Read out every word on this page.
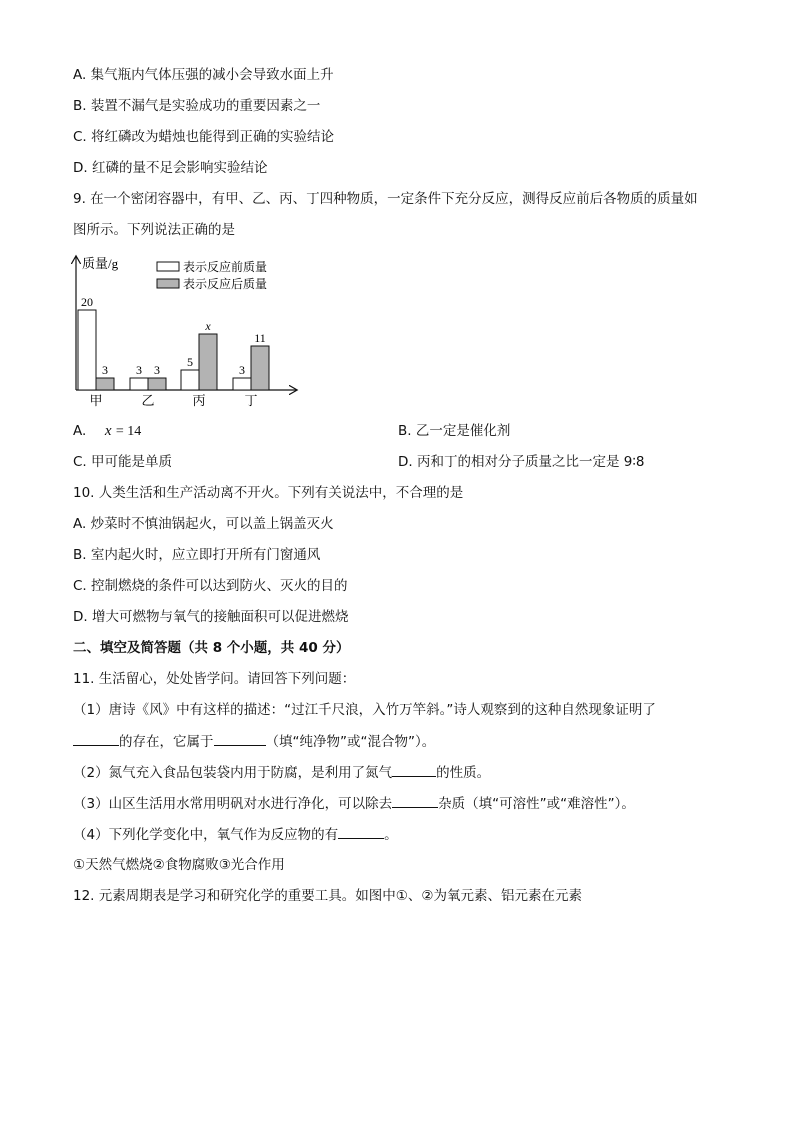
A. 集气瓶内气体压强的减小会导致水面上升
B. 装置不漏气是实验成功的重要因素之一
C. 将红磷改为蜡烛也能得到正确的实验结论
D. 红磷的量不足会影响实验结论
9. 在一个密闭容器中，有甲、乙、丙、丁四种物质，一定条件下充分反应，测得反应前后各物质的质量如
图所示。下列说法正确的是
质量/g	表示反应前质量
表示反应后质量
20
3
甲
3 3
乙
5
x
丙
3
11
丁
A. x = 14	B. 乙一定是催化剂
C. 甲可能是单质	D. 丙和丁的相对分子质量之比一定是 9∶8
10. 人类生活和生产活动离不开火。下列有关说法中，不合理的是
A. 炒菜时不慎油锅起火，可以盖上锅盖灭火
B. 室内起火时，应立即打开所有门窗通风
C. 控制燃烧的条件可以达到防火、灭火的目的
D. 增大可燃物与氧气的接触面积可以促进燃烧
二、填空及简答题（共 8 个小题，共 40 分）
11. 生活留心，处处皆学问。请回答下列问题：
（1）唐诗《风》中有这样的描述：“过江千尺浪，入竹万竿斜。”诗人观察到的这种自然现象证明了
的存在，它属于	（填“纯净物”或“混合物”）。
（2）氮气充入食品包装袋内用于防腐，是利用了氮气	的性质。
（3）山区生活用水常用明矾对水进行净化，可以除去	杂质（填“可溶性”或“难溶性”）。
（4）下列化学变化中，氧气作为反应物的有	。
①天然气燃烧②食物腐败③光合作用
12. 元素周期表是学习和研究化学的重要工具。如图中①、②为氧元素、铝元素在元素
